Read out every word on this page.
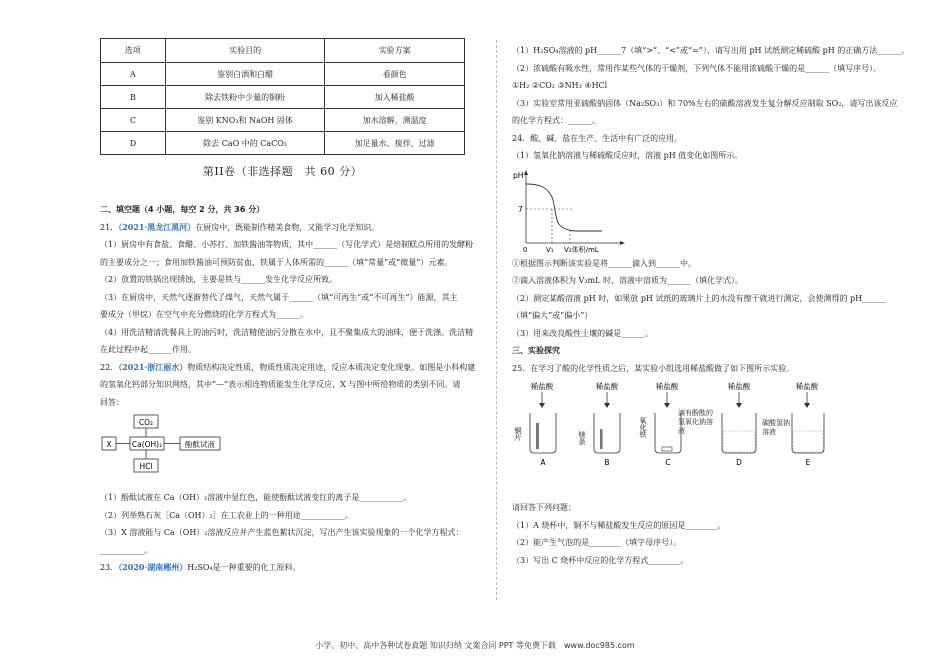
选项	实验目的	实验方案
A	鉴别白酒和白醋	看颜色
B	除去铁粉中少量的铜粉	加入稀盐酸
C	鉴别 KNO₃和 NaOH 固体	加水溶解，测温度
D	除去 CaO 中的 CaCO₃	加足量水、搅拌、过滤
第II卷（非选择题　共 60 分）
二、填空题（4 小题，每空 2 分，共 36 分）
21．（2021·黑龙江黑河）在厨房中，既能制作精美食物，又能学习化学知识。
（1）厨房中有食盐、食醋、小苏打、加铁酱油等物质，其中______（写化学式）是焙制糕点所用的发酵粉
的主要成分之一；食用加铁酱油可预防贫血，铁属于人体所需的______（填“常量”或“微量”）元素。
（2）放置的铁锅出现锈蚀，主要是铁与______发生化学反应所致。
（3）在厨房中，天然气逐渐替代了煤气，天然气属于______（填“可再生”或“不可再生”）能源，其主
要成分（甲烷）在空气中充分燃烧的化学方程式为______。
（4）用洗洁精清洗餐具上的油污时，洗洁精使油污分散在水中，且不聚集成大的油珠，便于洗涤。洗洁精
在此过程中起______作用。
22．（2021·浙江丽水）物质结构决定性质，物质性质决定用途，反应本质决定变化现象。如图是小科构建
的氢氧化钙部分知识网络，其中“—”表示相连物质能发生化学反应，X 与图中所给物质的类别不同。请
回答：
CO₂
X	Ca(OH)₂	酚酞试液
HCl
（1）酚酞试液在 Ca（OH）₂溶液中显红色，能使酚酞试液变红的离子是___________。
（2）列举熟石灰［Ca（OH）₂］在工农业上的一种用途___________。
（3）X 溶液能与 Ca（OH）₂溶液反应并产生蓝色絮状沉淀，写出产生该实验现象的一个化学方程式：
___________。
23．（2020·湖南郴州）H₂SO₄是一种重要的化工原料。
（1）H₂SO₄溶液的 pH______7（填“>”、“<”或“=”），请写出用 pH 试纸测定稀硫酸 pH 的正确方法______。
（2）浓硫酸有吸水性，常用作某些气体的干燥剂，下列气体不能用浓硫酸干燥的是______（填写序号）。
①H₂ ②CO₂ ③NH₃ ④HCl
（3）实验室常用亚硫酸钠固体（Na₂SO₃）和 70%左右的硫酸溶液发生复分解反应制取 SO₂，请写出该反应
的化学方程式：______。
24．酸、碱、盐在生产、生活中有广泛的应用。
（1）氢氧化钠溶液与稀硫酸反应时，溶液 pH 值变化如图所示。
pH
7
0	V₁ V₂体积/mL
①根据图示判断该实验是将______滴入到______中。
②滴入溶液体积为 V₂mL 时，溶液中溶质为______（填化学式）。
（2）测定某酸溶液 pH 时，如果放 pH 试纸的玻璃片上的水没有擦干就进行测定，会使测得的 pH______
（填“偏大”或“偏小”）
（3）用来改良酸性土壤的碱是______。
三、实验探究
25．在学习了酸的化学性质之后，某实验小组选用稀盐酸做了如下图所示实验。
稀盐酸
铜片
A
稀盐酸
镁条
B
稀盐酸
氧化铁
C
稀盐酸
滴有酚酞的氢氧化钠溶液
D
稀盐酸
碳酸氢钠溶液
E
请回答下列问题：
（1）A 烧杯中，铜不与稀盐酸发生反应的原因是________。
（2）能产生气泡的是________（填字母序号）。
（3）写出 C 烧杯中反应的化学方程式________。
小学、初中、高中各种试卷真题 知识归纳 文案合同 PPT 等免费下载　www.doc985.com
